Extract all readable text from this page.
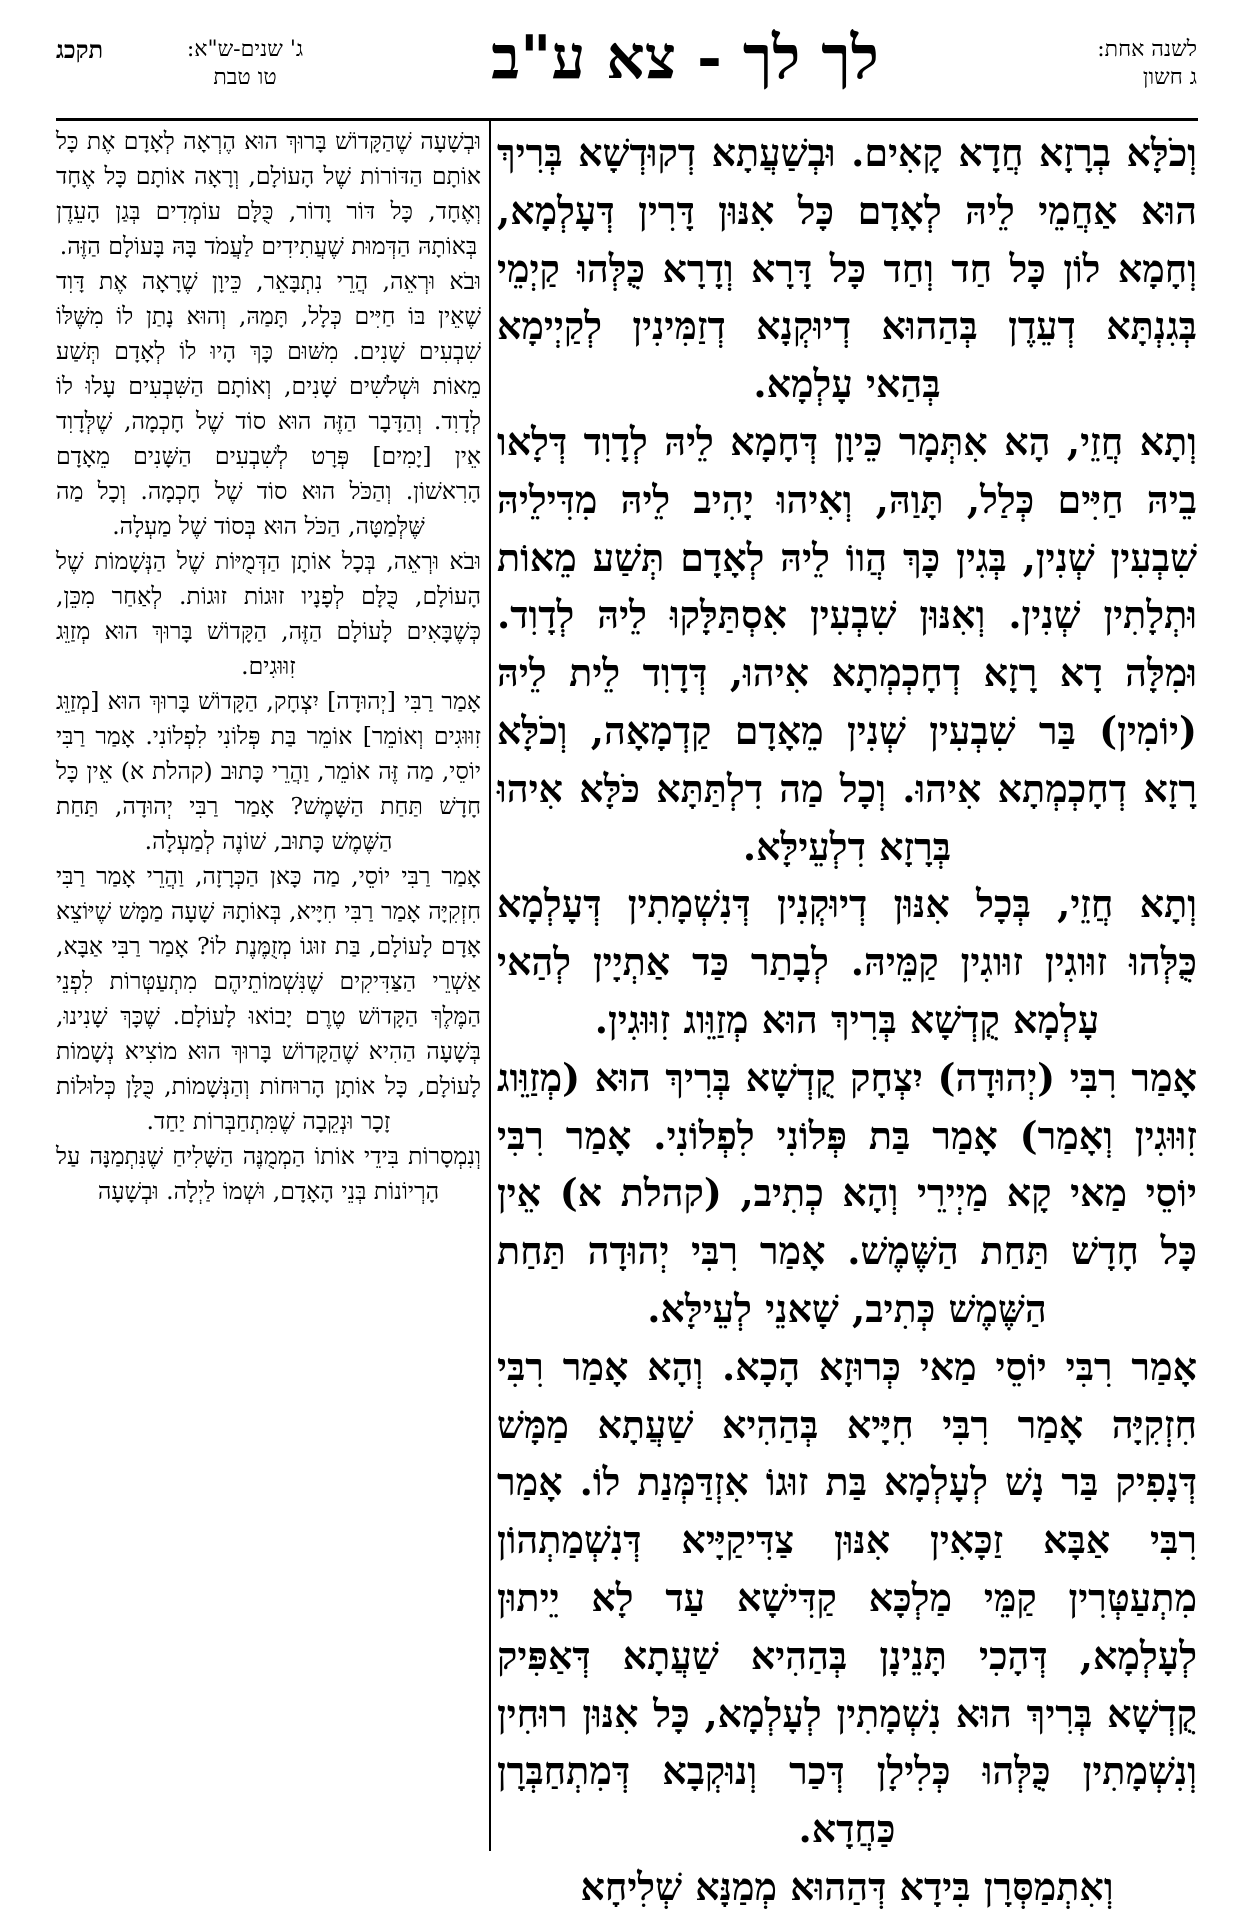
לשנה אחת:
ג חשון
לך לך - צא ע"ב
ג' שנים-ש"א:
טו טבת
תקכג

וְכֹלָּא בְרָזָא חֲדָא קָאִים. וּבְשַׁעֲתָא דְקוּדְשָׁא בְּרִיךְ הוּא אַחֲמֵי לֵיהּ לְאָדָם כָּל אִנּוּן דָּרִין דְּעָלְמָא, וְחָמָא לוֹן כָּל חַד וְחַד כָּל דָּרָא וְדָרָא כֻּלְּהוּ קַיְמֵי בְּגִנְתָּא דְעֵדֶן בְּהַהוּא דְיוּקְנָא דְזַמִּינִין לְקַיְימָא בְּהַאי עָלְמָא.

וְתָא חֲזֵי, הָא אִתְּמָר כֵּיוָן דְּחָמָא לֵיהּ לְדָוִד דְּלָאו בֵיהּ חַיִּים כְּלַל, תָּוַהּ, וְאִיהוּ יָהִיב לֵיהּ מִדִּילֵיהּ שִׁבְעִין שְׁנִין, בְּגִין כָּךְ הֲווֹ לֵיהּ לְאָדָם תְּשַׁע מֵאוֹת וּתְלָתִין שְׁנִין. וְאִנּוּן שִׁבְעִין אִסְתַּלָּקוּ לֵיהּ לְדָוִד. וּמִלָּה דָא רָזָא דְחָכְמְתָא אִיהוּ, דְּדָוִד לֵית לֵיהּ (יוֹמִין) בַּר שִׁבְעִין שְׁנִין מֵאָדָם קַדְמָאָה, וְכֹלָּא רָזָא דְחָכְמְתָא אִיהוּ. וְכָל מַה דִלְתַּתָּא כֹּלָּא אִיהוּ בְּרָזָא דִלְעֵילָּא.

וְתָא חֲזֵי, בְּכָל אִנּוּן דְיוּקְנִין דְּנִשְׁמָתִין דְּעָלְמָא כֻּלְּהוּ זוּוגִין זוּוגִין קַמֵּיהּ. לְבָתַר כַּד אַתְיָין לְהַאי עָלְמָא קֻדְשָׁא בְּרִיךְ הוּא מְזַוֵּוג זִוּוּגִין.

אָמַר רִבִּי (יְהוּדָה) יִצְחָק קֻדְשָׁא בְּרִיךְ הוּא (מְזַוֵּוג זִוּוּגִין וְאָמַר) אָמַר בַּת פְּלוֹנִי לִפְלוֹנִי. אָמַר רִבִּי יוֹסֵי מַאי קָא מַיְירֵי וְהָא כְתִיב, (קהלת א) אֵין כָּל חָדָשׁ תַּחַת הַשֶּׁמֶשׁ. אָמַר רִבִּי יְהוּדָה תַּחַת הַשֶּׁמֶשׁ כְּתִיב, שָׁאנֵי לְעֵילָּא.

אָמַר רִבִּי יוֹסֵי מַאי כְּרוּזָא הָכָא. וְהָא אָמַר רִבִּי חִזְקִיָּה אָמַר רִבִּי חִיָּיא בְּהַהִיא שַׁעֲתָא מַמָּשׁ דְּנָפִיק בַּר נָשׁ לְעָלְמָא בַּת זוּגוֹ אִזְדַּמְּנַת לוֹ. אָמַר רִבִּי אַבָּא זַכָּאִין אִנּוּן צַדִּיקַיָּיא דְּנִשְׁמַתְהוֹן מִתְעַטְּרִין קַמֵּי מַלְכָּא קַדִּישָׁא עַד לָא יֵיתוּן לְעָלְמָא, דְּהָכִי תָּנֵינָן בְּהַהִיא שַׁעֲתָא דְּאַפִּיק קֻדְשָׁא בְּרִיךְ הוּא נִשְׁמָתִין לְעָלְמָא, כָּל אִנּוּן רוּחִין וְנִשְׁמָתִין כֻּלְּהוּ כְּלִילָן דְּכַר וְנוּקְבָא דְּמִתְחַבְּרָן כַּחֲדָא.

וְאִתְמַסְּרָן בִּידָא דְּהַהוּא מְמַנָּא שְׁלִיחָא

וּבְשָׁעָה שֶׁהַקָּדוֹשׁ בָּרוּךְ הוּא הֶרְאָה לְאָדָם אֶת כָּל אוֹתָם הַדּוֹרוֹת שֶׁל הָעוֹלָם, וְרָאָה אוֹתָם כָּל אֶחָד וְאֶחָד, כָּל דּוֹר וָדוֹר, כֻּלָּם עוֹמְדִים בְּגַן הָעֵדֶן בְּאוֹתָהּ הַדְּמוּת שֶׁעֲתִידִים לַעֲמֹד בָּהּ בָּעוֹלָם הַזֶּה.

וּבֹא וּרְאֵה, הֲרֵי נִתְבָּאֵר, כֵּיוָן שֶׁרָאָה אֶת דָּוִד שֶׁאֵין בּוֹ חַיִּים כְּלָל, תָּמַהּ, וְהוּא נָתַן לוֹ מִשֶּׁלּוֹ שִׁבְעִים שָׁנִים. מִשּׁוּם כָּךְ הָיוּ לוֹ לְאָדָם תְּשַׁע מֵאוֹת וּשְׁלֹשִׁים שָׁנִים, וְאוֹתָם הַשִּׁבְעִים עָלוּ לוֹ לְדָוִד. וְהַדָּבָר הַזֶּה הוּא סוֹד שֶׁל חָכְמָה, שֶׁלְּדָוִד אֵין [יָמִים] פְּרָט לְשִׁבְעִים הַשָּׁנִים מֵאָדָם הָרִאשׁוֹן. וְהַכֹּל הוּא סוֹד שֶׁל חָכְמָה. וְכָל מַה שֶּׁלְּמַטָּה, הַכֹּל הוּא בְּסוֹד שֶׁל מַעְלָה.

וּבֹא וּרְאֵה, בְּכָל אוֹתָן הַדְּמֻיּוֹת שֶׁל הַנְּשָׁמוֹת שֶׁל הָעוֹלָם, כֻּלָּם לְפָנָיו זוּגוֹת זוּגוֹת. לְאַחַר מִכֵּן, כְּשֶׁבָּאִים לָעוֹלָם הַזֶּה, הַקָּדוֹשׁ בָּרוּךְ הוּא מְזַוֵּג זִוּוּגִים.

אָמַר רַבִּי [יְהוּדָה] יִצְחָק, הַקָּדוֹשׁ בָּרוּךְ הוּא [מְזַוֵּג זִוּוּגִים וְאוֹמֵר] אוֹמֵר בַּת פְּלוֹנִי לִפְלוֹנִי. אָמַר רַבִּי יוֹסֵי, מַה זֶּה אוֹמֵר, וַהֲרֵי כָּתוּב (קהלת א) אֵין כָּל חָדָשׁ תַּחַת הַשָּׁמֶשׁ? אָמַר רַבִּי יְהוּדָה, תַּחַת הַשֶּׁמֶשׁ כָּתוּב, שׁוֹנֶה לְמַעְלָה.

אָמַר רַבִּי יוֹסֵי, מַה כָּאן הַכְּרָזָה, וַהֲרֵי אָמַר רַבִּי חִזְקִיָּה אָמַר רַבִּי חִיָּיא, בְּאוֹתָהּ שָׁעָה מַמָּשׁ שֶׁיּוֹצֵא אָדָם לָעוֹלָם, בַּת זוּגוֹ מְזֻמֶּנֶת לוֹ? אָמַר רַבִּי אַבָּא, אַשְׁרֵי הַצַּדִּיקִים שֶׁנִּשְׁמוֹתֵיהֶם מִתְעַטְּרוֹת לִפְנֵי הַמֶּלֶךְ הַקָּדוֹשׁ טֶרֶם יָבוֹאוּ לָעוֹלָם. שֶׁכָּךְ שָׁנִינוּ, בְּשָׁעָה הַהִיא שֶׁהַקָּדוֹשׁ בָּרוּךְ הוּא מוֹצִיא נְשָׁמוֹת לָעוֹלָם, כָּל אוֹתָן הָרוּחוֹת וְהַנְּשָׁמוֹת, כֻּלָּן כְּלוּלוֹת זָכָר וּנְקֵבָה שֶׁמִּתְחַבְּרוֹת יַחַד.

וְנִמְסָרוֹת בִּידֵי אוֹתוֹ הַמְמֻנֶּה הַשָּׁלִיחַ שֶׁנִּתְמַנָּה עַל הָרְיוֹנוֹת בְּנֵי הָאָדָם, וּשְׁמוֹ לַיְלָה. וּבְשָׁעָה
